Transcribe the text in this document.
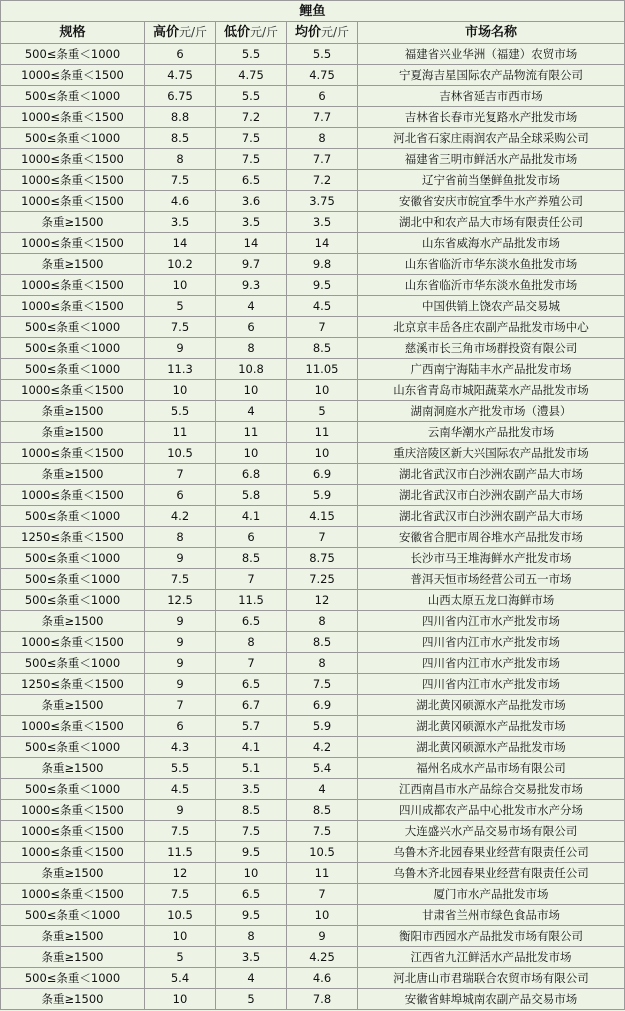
鲤鱼				
规格	高价元/斤	低价元/斤	均价元/斤	市场名称
500≤条重＜1000	6	5.5	5.5	福建省兴业华洲（福建）农贸市场
1000≤条重＜1500	4.75	4.75	4.75	宁夏海吉星国际农产品物流有限公司
500≤条重＜1000	6.75	5.5	6	吉林省延吉市西市场
1000≤条重＜1500	8.8	7.2	7.7	吉林省长春市光复路水产批发市场
500≤条重＜1000	8.5	7.5	8	河北省石家庄雨润农产品全球采购公司
1000≤条重＜1500	8	7.5	7.7	福建省三明市鲜活水产品批发市场
1000≤条重＜1500	7.5	6.5	7.2	辽宁省前当堡鲜鱼批发市场
1000≤条重＜1500	4.6	3.6	3.75	安徽省安庆市皖宜季牛水产养殖公司
条重≥1500	3.5	3.5	3.5	湖北中和农产品大市场有限责任公司
1000≤条重＜1500	14	14	14	山东省威海水产品批发市场
条重≥1500	10.2	9.7	9.8	山东省临沂市华东淡水鱼批发市场
1000≤条重＜1500	10	9.3	9.5	山东省临沂市华东淡水鱼批发市场
1000≤条重＜1500	5	4	4.5	中国供销上饶农产品交易城
500≤条重＜1000	7.5	6	7	北京京丰岳各庄农副产品批发市场中心
500≤条重＜1000	9	8	8.5	慈溪市长三角市场群投资有限公司
500≤条重＜1000	11.3	10.8	11.05	广西南宁海陆丰水产品批发市场
1000≤条重＜1500	10	10	10	山东省青岛市城阳蔬菜水产品批发市场
条重≥1500	5.5	4	5	湖南洞庭水产批发市场（澧县）
条重≥1500	11	11	11	云南华潮水产品批发市场
1000≤条重＜1500	10.5	10	10	重庆涪陵区新大兴国际农产品批发市场
条重≥1500	7	6.8	6.9	湖北省武汉市白沙洲农副产品大市场
1000≤条重＜1500	6	5.8	5.9	湖北省武汉市白沙洲农副产品大市场
500≤条重＜1000	4.2	4.1	4.15	湖北省武汉市白沙洲农副产品大市场
1250≤条重＜1500	8	6	7	安徽省合肥市周谷堆水产品批发市场
500≤条重＜1000	9	8.5	8.75	长沙市马王堆海鲜水产批发市场
500≤条重＜1000	7.5	7	7.25	普洱天恒市场经营公司五一市场
500≤条重＜1000	12.5	11.5	12	山西太原五龙口海鲜市场
条重≥1500	9	6.5	8	四川省内江市水产批发市场
1000≤条重＜1500	9	8	8.5	四川省内江市水产批发市场
500≤条重＜1000	9	7	8	四川省内江市水产批发市场
1250≤条重＜1500	9	6.5	7.5	四川省内江市水产批发市场
条重≥1500	7	6.7	6.9	湖北黄冈硕源水产品批发市场
1000≤条重＜1500	6	5.7	5.9	湖北黄冈硕源水产品批发市场
500≤条重＜1000	4.3	4.1	4.2	湖北黄冈硕源水产品批发市场
条重≥1500	5.5	5.1	5.4	福州名成水产品市场有限公司
500≤条重＜1000	4.5	3.5	4	江西南昌市水产品综合交易批发市场
1000≤条重＜1500	9	8.5	8.5	四川成都农产品中心批发市水产分场
1000≤条重＜1500	7.5	7.5	7.5	大连盛兴水产品交易市场有限公司
1000≤条重＜1500	11.5	9.5	10.5	乌鲁木齐北园春果业经营有限责任公司
条重≥1500	12	10	11	乌鲁木齐北园春果业经营有限责任公司
1000≤条重＜1500	7.5	6.5	7	厦门市水产品批发市场
500≤条重＜1000	10.5	9.5	10	甘肃省兰州市绿色食品市场
条重≥1500	10	8	9	衡阳市西园水产品批发市场有限公司
条重≥1500	5	3.5	4.25	江西省九江鲜活水产品批发市场
500≤条重＜1000	5.4	4	4.6	河北唐山市君瑞联合农贸市场有限公司
条重≥1500	10	5	7.8	安徽省蚌埠城南农副产品交易市场
